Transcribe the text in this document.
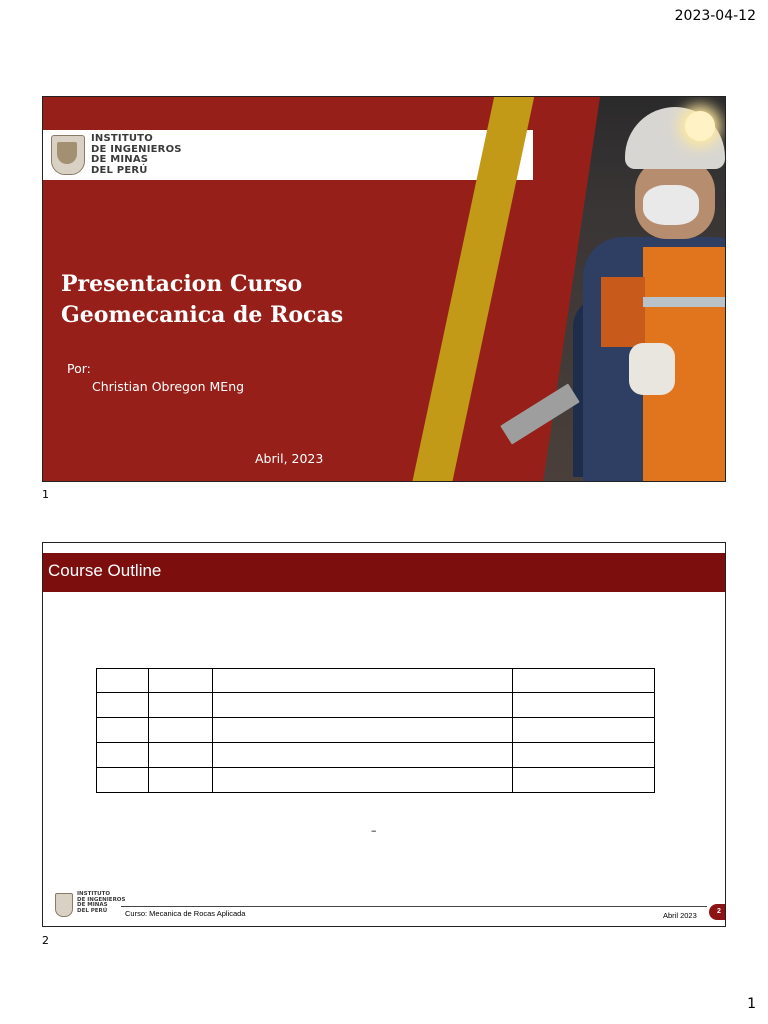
2023-04-12
INSTITUTO
DE INGENIEROS
DE MINAS
DEL PERÚ
Presentacion Curso
Geomecanica de Rocas
Por:
Christian Obregon MEng
Abril, 2023
1
Course Outline

–
INSTITUTO
DE INGENIEROS
DE MINAS
DEL PERÚ	Curso: Mecanica de Rocas Aplicada	Abril 2023	2
2
1
